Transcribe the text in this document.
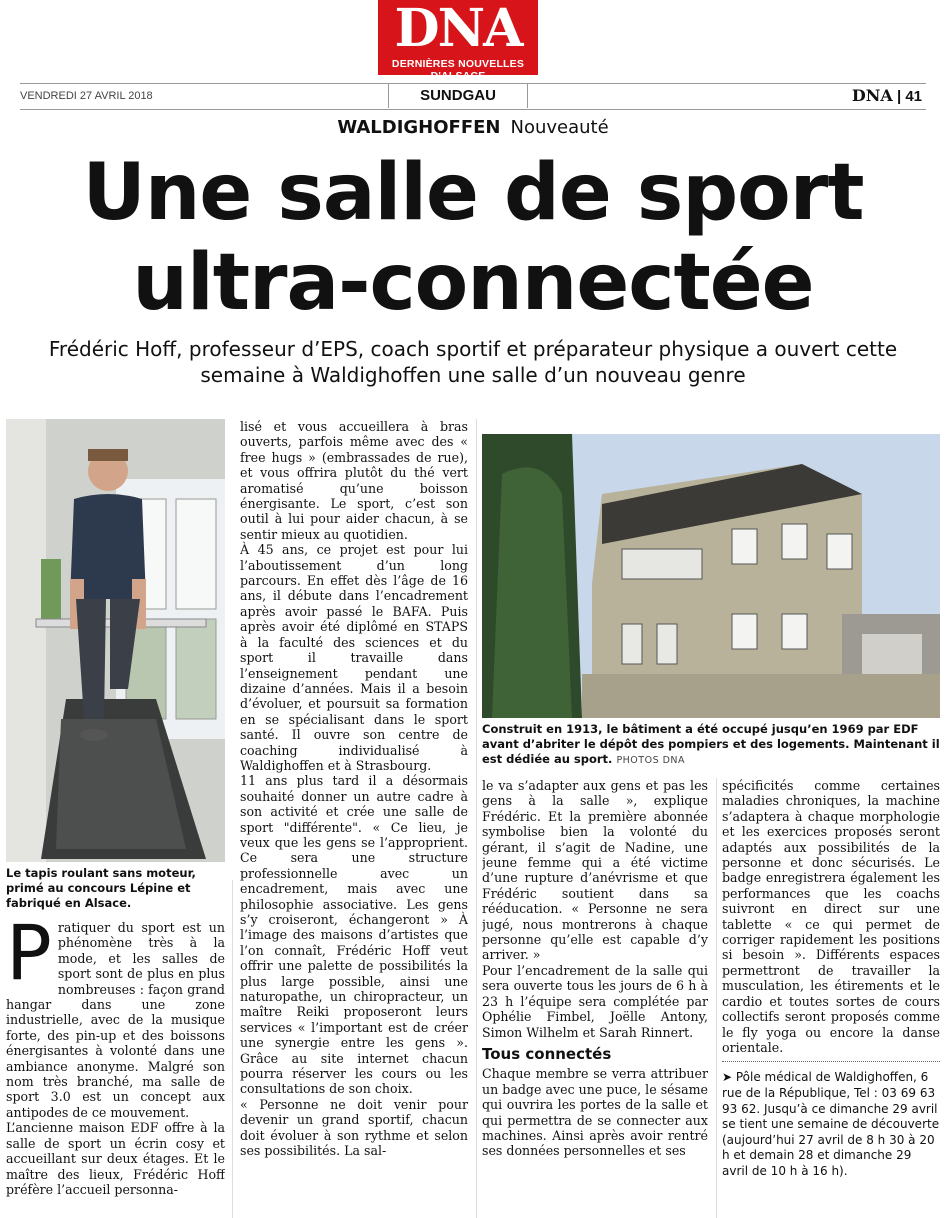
DNA
DERNIÈRES NOUVELLES D'ALSACE
VENDREDI 27 AVRIL 2018	SUNDGAU	DNA | 41
WALDIGHOFFEN Nouveauté
Une salle de sport
ultra-connectée
Frédéric Hoff, professeur d’EPS, coach sportif et préparateur physique a ouvert cette
semaine à Waldighoffen une salle d’un nouveau genre
Le tapis roulant sans moteur, primé au concours Lépine et fabriqué en Alsace.
Construit en 1913, le bâtiment a été occupé jusqu’en 1969 par EDF avant d’abriter le dépôt des pompiers et des logements. Maintenant il est dédiée au sport. PHOTOS DNA
P ratiquer du sport est un phénomène très à la mode, et les salles de sport sont de plus en plus nombreuses : façon grand hangar dans une zone industrielle, avec de la musique forte, des pin-up et des boissons énergisantes à volonté dans une ambiance anonyme. Malgré son nom très branché, ma salle de sport 3.0 est un concept aux antipodes de ce mouvement.

L’ancienne maison EDF offre à la salle de sport un écrin cosy et accueillant sur deux étages. Et le maître des lieux, Frédéric Hoff préfère l’accueil personna-

lisé et vous accueillera à bras ouverts, parfois même avec des « free hugs » (embrassades de rue), et vous offrira plutôt du thé vert aromatisé qu’une boisson énergisante. Le sport, c’est son outil à lui pour aider chacun, à se sentir mieux au quotidien.

À 45 ans, ce projet est pour lui l’aboutissement d’un long parcours. En effet dès l’âge de 16 ans, il débute dans l’encadrement après avoir passé le BAFA. Puis après avoir été diplômé en STAPS à la faculté des sciences et du sport il travaille dans l’enseignement pendant une dizaine d’années. Mais il a besoin d’évoluer, et poursuit sa formation en se spécialisant dans le sport santé. Il ouvre son centre de coaching individualisé à Waldighoffen et à Strasbourg.

11 ans plus tard il a désormais souhaité donner un autre cadre à son activité et crée une salle de sport "différente". « Ce lieu, je veux que les gens se l’approprient. Ce sera une structure professionnelle avec un encadrement, mais avec une philosophie associative. Les gens s’y croiseront, échangeront » À l’image des maisons d’artistes que l’on connaît, Frédéric Hoff veut offrir une palette de possibilités la plus large possible, ainsi une naturopathe, un chiropracteur, un maître Reiki proposeront leurs services « l’important est de créer une synergie entre les gens ». Grâce au site internet chacun pourra réserver les cours ou les consultations de son choix.

« Personne ne doit venir pour devenir un grand sportif, chacun doit évoluer à son rythme et selon ses possibilités. La sal-

le va s’adapter aux gens et pas les gens à la salle », explique Frédéric. Et la première abonnée symbolise bien la volonté du gérant, il s’agit de Nadine, une jeune femme qui a été victime d’une rupture d’anévrisme et que Frédéric soutient dans sa rééducation. « Personne ne sera jugé, nous montrerons à chaque personne qu’elle est capable d’y arriver. »

Pour l’encadrement de la salle qui sera ouverte tous les jours de 6 h à 23 h l’équipe sera complétée par Ophélie Fimbel, Joëlle Antony, Simon Wilhelm et Sarah Rinnert.

Tous connectés

Chaque membre se verra attribuer un badge avec une puce, le sésame qui ouvrira les portes de la salle et qui permettra de se connecter aux machines. Ainsi après avoir rentré ses données personnelles et ses

spécificités comme certaines maladies chroniques, la machine s’adaptera à chaque morphologie et les exercices proposés seront adaptés aux possibilités de la personne et donc sécurisés. Le badge enregistrera également les performances que les coachs suivront en direct sur une tablette « ce qui permet de corriger rapidement les positions si besoin ». Différents espaces permettront de travailler la musculation, les étirements et le cardio et toutes sortes de cours collectifs seront proposés comme le fly yoga ou encore la danse orientale.

➤ Pôle médical de Waldighoffen, 6 rue de la République, Tel : 03 69 63 93 62. Jusqu’à ce dimanche 29 avril se tient une semaine de découverte (aujourd’hui 27 avril de 8 h 30 à 20 h et demain 28 et dimanche 29 avril de 10 h à 16 h).
